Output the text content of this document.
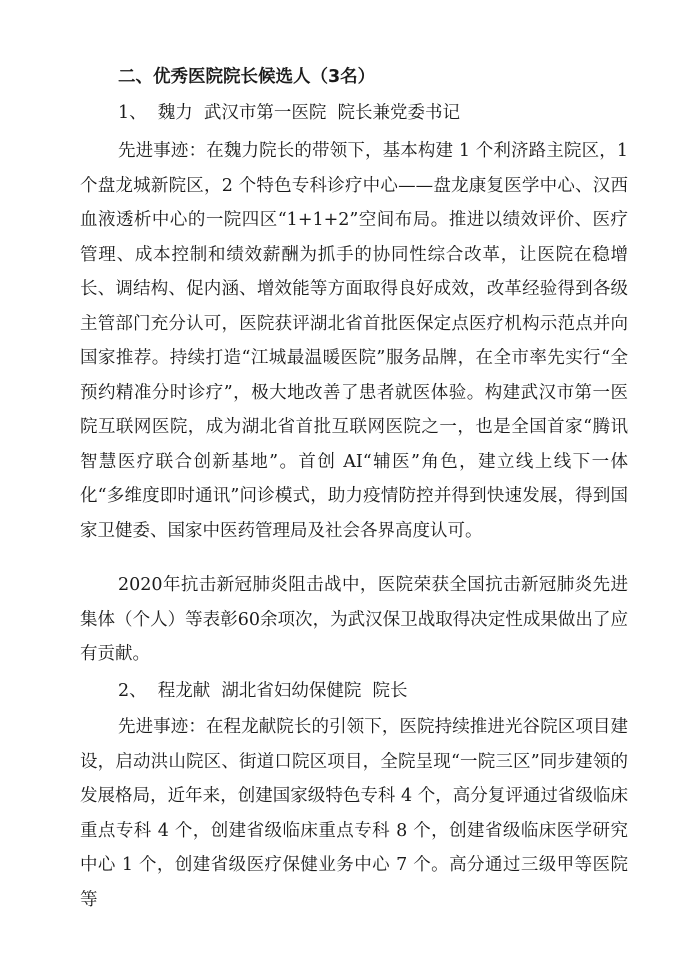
二、优秀医院院长候选人（3名）
1、  魏力  武汉市第一医院  院长兼党委书记

先进事迹：在魏力院长的带领下，基本构建 1 个利济路主院区，1 个盘龙城新院区，2 个特色专科诊疗中心——盘龙康复医学中心、汉西血液透析中心的一院四区“1+1+2”空间布局。推进以绩效评价、医疗管理、成本控制和绩效薪酬为抓手的协同性综合改革，让医院在稳增长、调结构、促内涵、增效能等方面取得良好成效，改革经验得到各级主管部门充分认可，医院获评湖北省首批医保定点医疗机构示范点并向国家推荐。持续打造“江城最温暖医院”服务品牌，在全市率先实行“全预约精准分时诊疗”，极大地改善了患者就医体验。构建武汉市第一医院互联网医院，成为湖北省首批互联网医院之一，也是全国首家“腾讯智慧医疗联合创新基地”。首创 AI“辅医”角色，建立线上线下一体化“多维度即时通讯”问诊模式，助力疫情防控并得到快速发展，得到国家卫健委、国家中医药管理局及社会各界高度认可。

2020年抗击新冠肺炎阻击战中，医院荣获全国抗击新冠肺炎先进集体（个人）等表彰60余项次，为武汉保卫战取得决定性成果做出了应有贡献。

2、  程龙献  湖北省妇幼保健院  院长

先进事迹：在程龙献院长的引领下，医院持续推进光谷院区项目建设，启动洪山院区、街道口院区项目，全院呈现“一院三区”同步建领的发展格局，近年来，创建国家级特色专科 4 个，高分复评通过省级临床重点专科 4 个，创建省级临床重点专科 8 个，创建省级临床医学研究中心 1 个，创建省级医疗保健业务中心 7 个。高分通过三级甲等医院等
